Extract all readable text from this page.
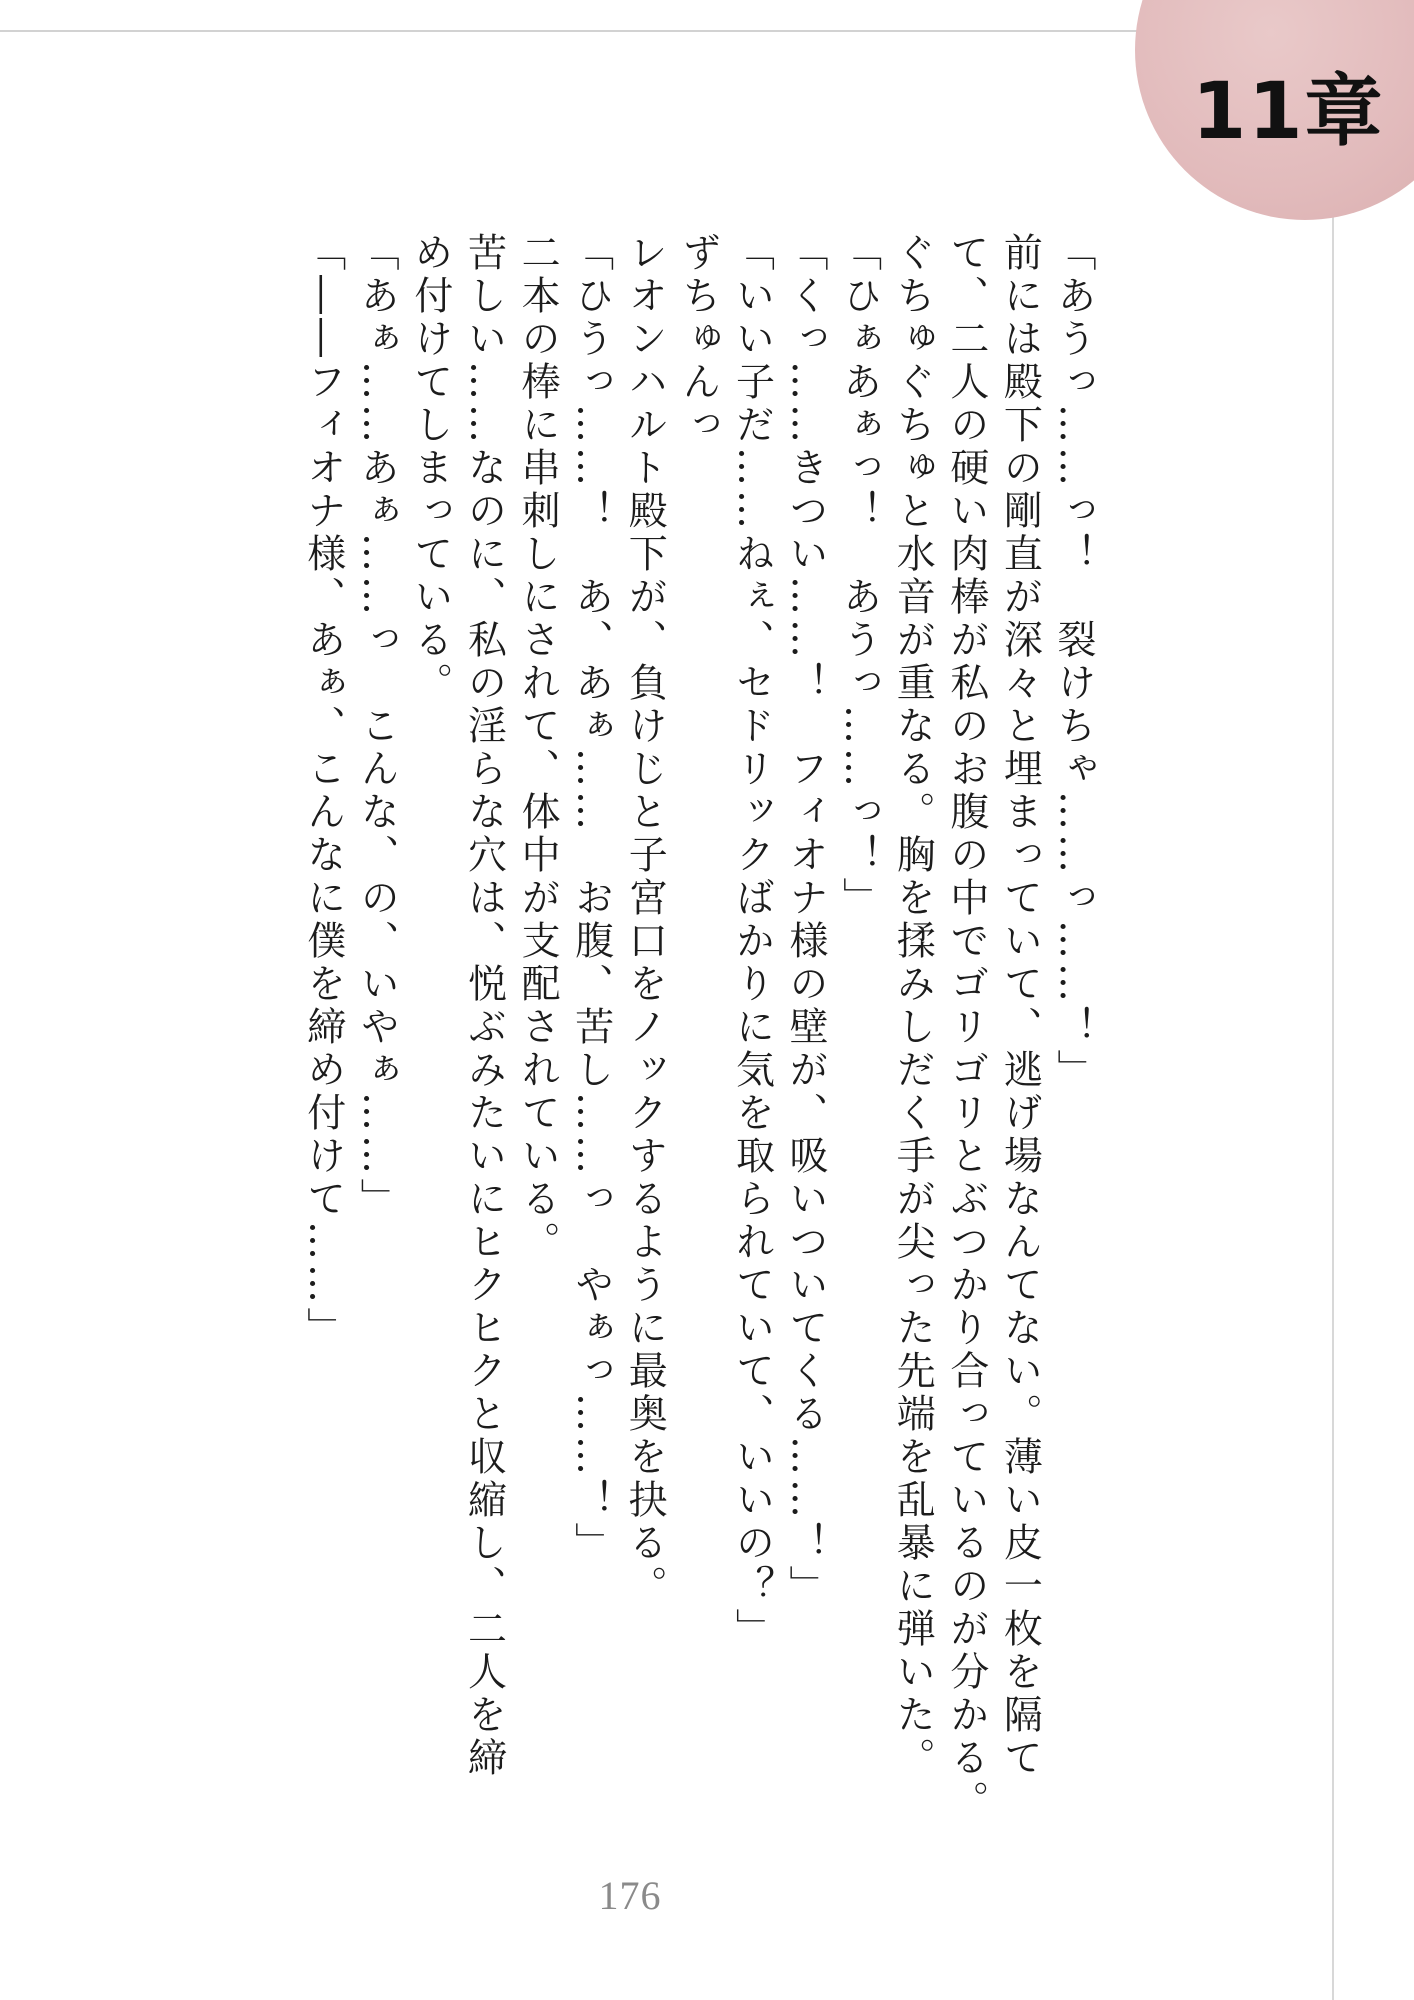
11章
「あうっ……っ！　裂けちゃ……っ……！」
前には殿下の剛直が深々と埋まっていて、逃げ場なんてない。薄い皮一枚を隔て
て、二人の硬い肉棒が私のお腹の中でゴリゴリとぶつかり合っているのが分かる。
ぐちゅぐちゅと水音が重なる。胸を揉みしだく手が尖った先端を乱暴に弾いた。
「ひぁあぁっ！　あうっ……っ！」
「くっ……きつい……！　フィオナ様の壁が、吸いついてくる……！」
「いい子だ……ねぇ、セドリックばかりに気を取られていて、いいの？」
ずちゅんっ
レオンハルト殿下が、負けじと子宮口をノックするように最奥を抉る。
「ひうっ……！　あ、あぁ……　お腹、苦し……っ　やぁっ……！」
二本の棒に串刺しにされて、体中が支配されている。
苦しい……なのに、私の淫らな穴は、悦ぶみたいにヒクヒクと収縮し、二人を締
め付けてしまっている。
「あぁ……あぁ……っ　こんな、の、いやぁ……」
「――フィオナ様、あぁ、こんなに僕を締め付けて……」
176
